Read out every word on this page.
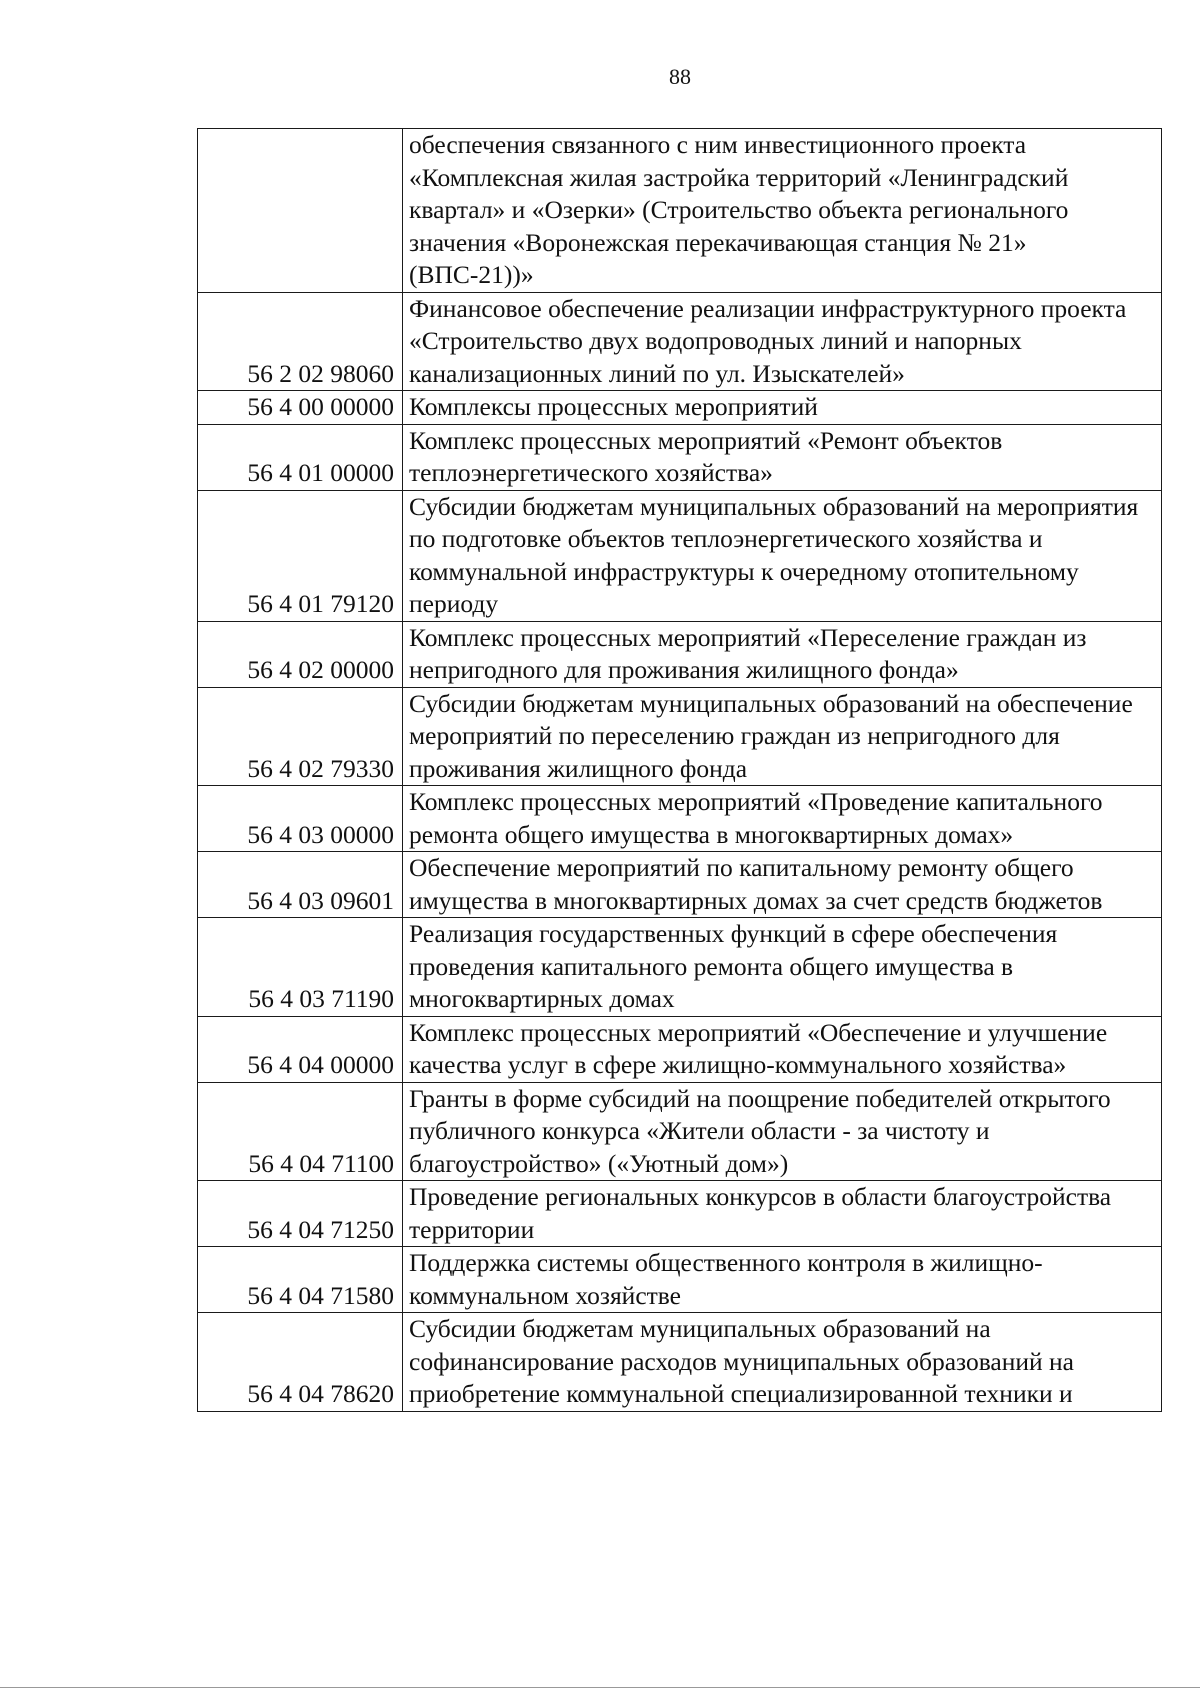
88
	обеспечения связанного с ним инвестиционного проекта «Комплексная жилая застройка территорий «Ленинградский квартал» и «Озерки» (Строительство объекта регионального значения «Воронежская перекачивающая станция № 21» (ВПС-21))»
56 2 02 98060	Финансовое обеспечение реализации инфраструктурного проекта «Строительство двух водопроводных линий и напорных канализационных линий по ул. Изыскателей»
56 4 00 00000	Комплексы процессных мероприятий
56 4 01 00000	Комплекс процессных мероприятий «Ремонт объектов теплоэнергетического хозяйства»
56 4 01 79120	Субсидии бюджетам муниципальных образований на мероприятия по подготовке объектов теплоэнергетического хозяйства и коммунальной инфраструктуры к очередному отопительному периоду
56 4 02 00000	Комплекс процессных мероприятий «Переселение граждан из непригодного для проживания жилищного фонда»
56 4 02 79330	Субсидии бюджетам муниципальных образований на обеспечение мероприятий по переселению граждан из непригодного для проживания жилищного фонда
56 4 03 00000	Комплекс процессных мероприятий «Проведение капитального ремонта общего имущества в многоквартирных домах»
56 4 03 09601	Обеспечение мероприятий по капитальному ремонту общего имущества в многоквартирных домах за счет средств бюджетов
56 4 03 71190	Реализация государственных функций в сфере обеспечения проведения капитального ремонта общего имущества в многоквартирных домах
56 4 04 00000	Комплекс процессных мероприятий «Обеспечение и улучшение качества услуг в сфере жилищно-коммунального хозяйства»
56 4 04 71100	Гранты в форме субсидий на поощрение победителей открытого публичного конкурса «Жители области - за чистоту и благоустройство» («Уютный дом»)
56 4 04 71250	Проведение региональных конкурсов в области благоустройства территории
56 4 04 71580	Поддержка системы общественного контроля в жилищно-коммунальном хозяйстве
56 4 04 78620	Субсидии бюджетам муниципальных образований на софинансирование расходов муниципальных образований на приобретение коммунальной специализированной техники и
